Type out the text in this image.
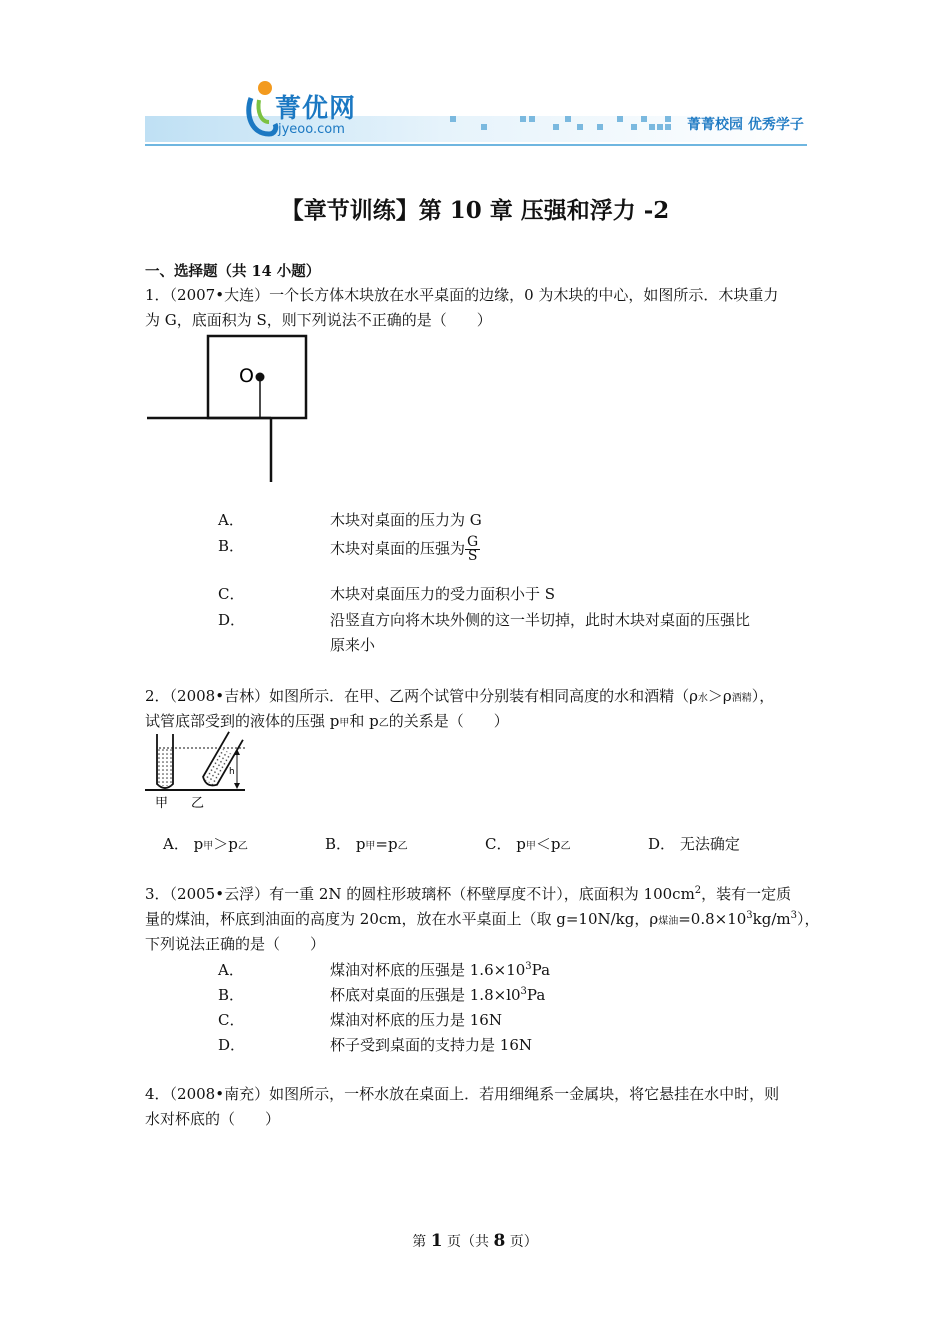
菁优网
jyeoo.com	菁菁校园 优秀学子
【章节训练】第 10 章 压强和浮力 -2
一、选择题（共 14 小题）
1．（2007•大连）一个长方体木块放在水平桌面的边缘，0 为木块的中心，如图所示．木块重力
为 G，底面积为 S，则下列说法不正确的是（　　）
O
A．	木块对桌面的压力为 G
B．	木块对桌面的压强为 $\frac{G}{S}$
C．	木块对桌面压力的受力面积小于 S
D．	沿竖直方向将木块外侧的这一半切掉，此时木块对桌面的压强比
原来小
2．（2008•吉林）如图所示．在甲、乙两个试管中分别装有相同高度的水和酒精（ρ水＞ρ酒精），
试管底部受到的液体的压强 p甲和 p乙的关系是（　　）
h
甲 乙
A． p甲＞p乙	B． p甲=p乙	C． p甲＜p乙	D． 无法确定
3．（2005•云浮）有一重 2N 的圆柱形玻璃杯（杯壁厚度不计），底面积为 $100cm^2$，装有一定质
量的煤油，杯底到油面的高度为 20cm，放在水平桌面上（取 g=10N/kg，ρ煤油$=0.8\times 10^3kg/m^3$），
下列说法正确的是（　　）
A．	煤油对杯底的压强是 $1.6\times 10^3Pa$
B．	杯底对桌面的压强是 $1.8\times l0^3Pa$
C．	煤油对杯底的压力是 16N
D．	杯子受到桌面的支持力是 16N
4．（2008•南充）如图所示，一杯水放在桌面上．若用细绳系一金属块，将它悬挂在水中时，则
水对杯底的（　　）
第 1 页（共 8 页）
